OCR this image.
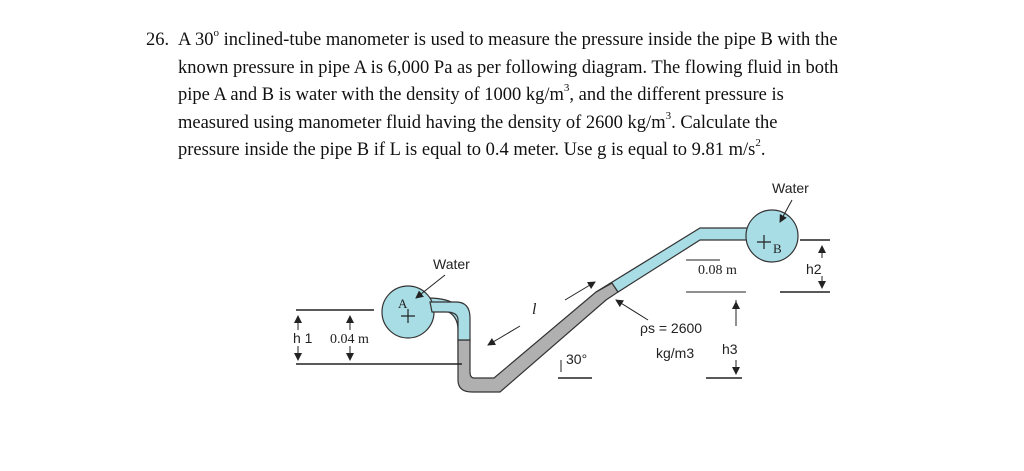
26. A 30$^o$ inclined-tube manometer is used to measure the pressure inside the pipe B with the
known pressure in pipe A is 6,000 Pa as per following diagram. The flowing fluid in both
pipe A and B is water with the density of 1000 $kg/m^3$, and the different pressure is
measured using manometer fluid having the density of 2600 $kg/m^3$. Calculate the
pressure inside the pipe B if L is equal to 0.4 meter. Use g is equal to 9.81 $m/s^2$.
A
B
Water
Water
h 1 0.04 m
l
30°
0.08 m	h2
ρs = 2600
kg/m3 h3
